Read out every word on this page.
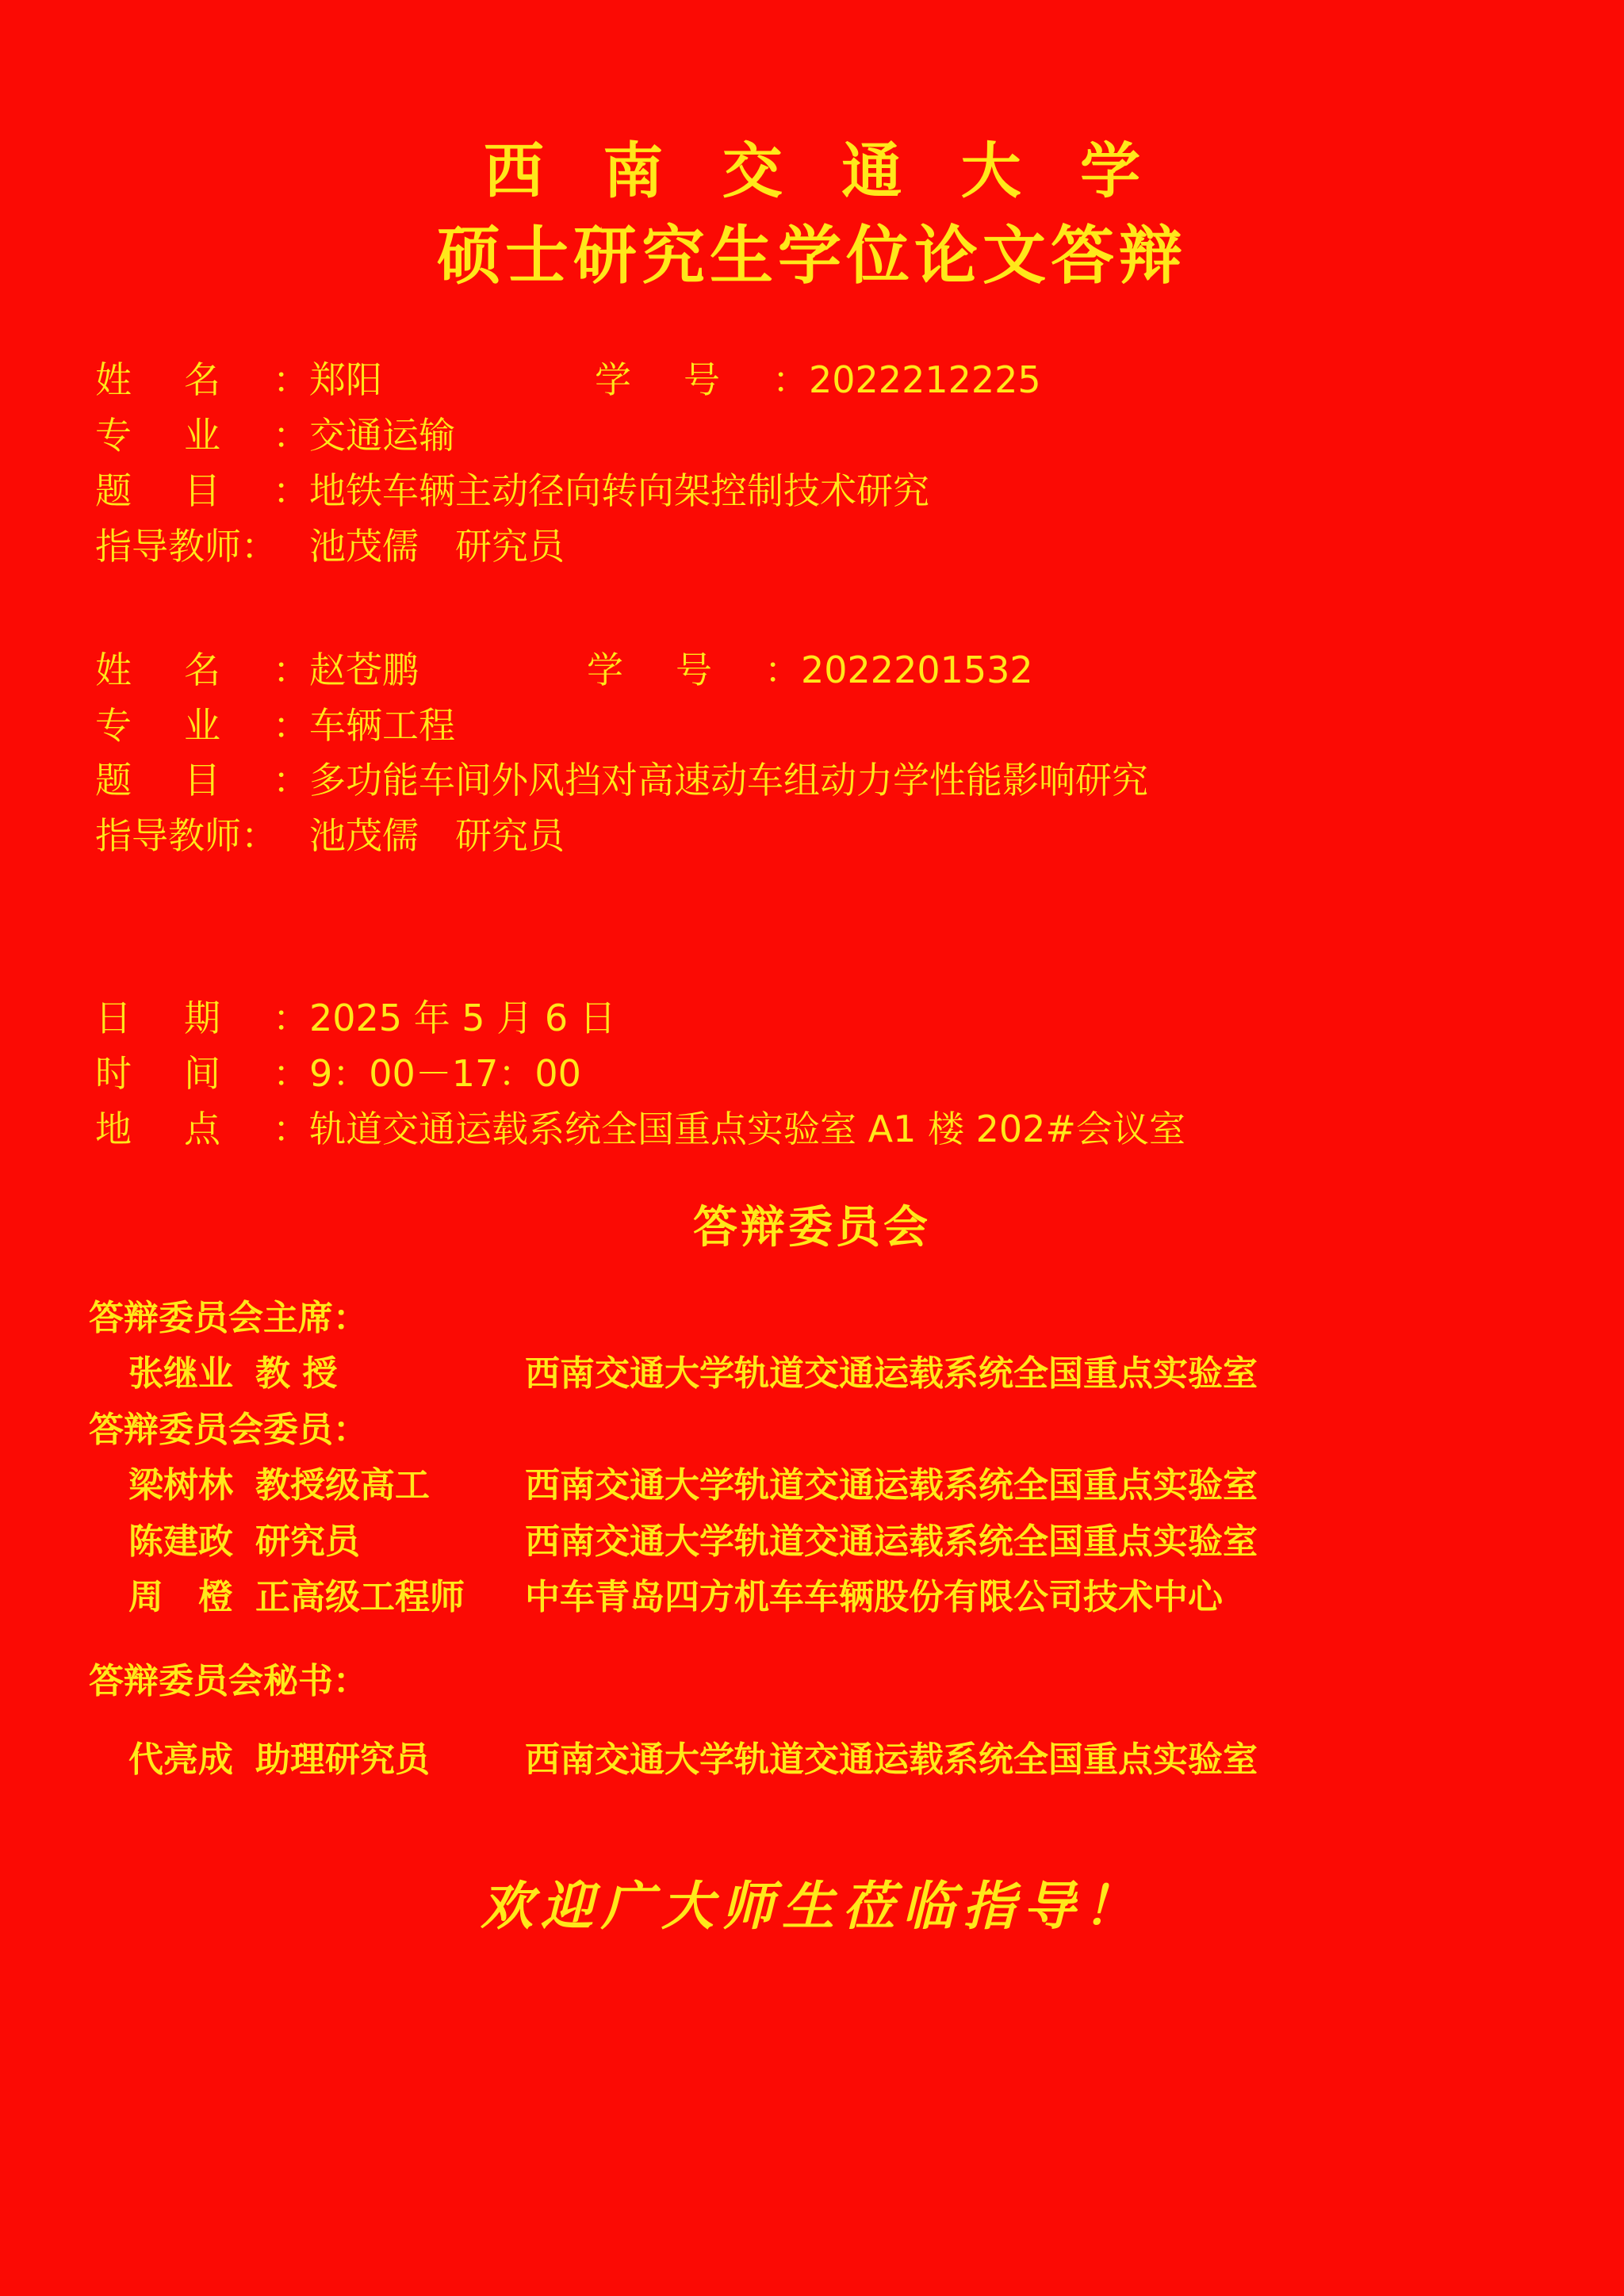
西 南 交 通 大 学
硕士研究生学位论文答辩
姓 名 ： 郑阳	学 号 ： 2022212225
专 业 ： 交通运输
题 目 ： 地铁车辆主动径向转向架控制技术研究
指导教师： 池茂儒　研究员
姓 名 ： 赵苍鹏	学 号 ： 2022201532
专 业 ： 车辆工程
题 目 ： 多功能车间外风挡对高速动车组动力学性能影响研究
指导教师： 池茂儒　研究员
日 期 ： 2025 年 5 月 6 日
时 间 ： 9：00－17：00
地 点 ： 轨道交通运载系统全国重点实验室 A1 楼 202#会议室
答辩委员会
答辩委员会主席：
张继业 教 授	西南交通大学轨道交通运载系统全国重点实验室
答辩委员会委员：
梁树林 教授级高工	西南交通大学轨道交通运载系统全国重点实验室
陈建政 研究员	西南交通大学轨道交通运载系统全国重点实验室
周　橙 正高级工程师	中车青岛四方机车车辆股份有限公司技术中心
答辩委员会秘书：
代亮成 助理研究员	西南交通大学轨道交通运载系统全国重点实验室
欢迎广大师生莅临指导！
